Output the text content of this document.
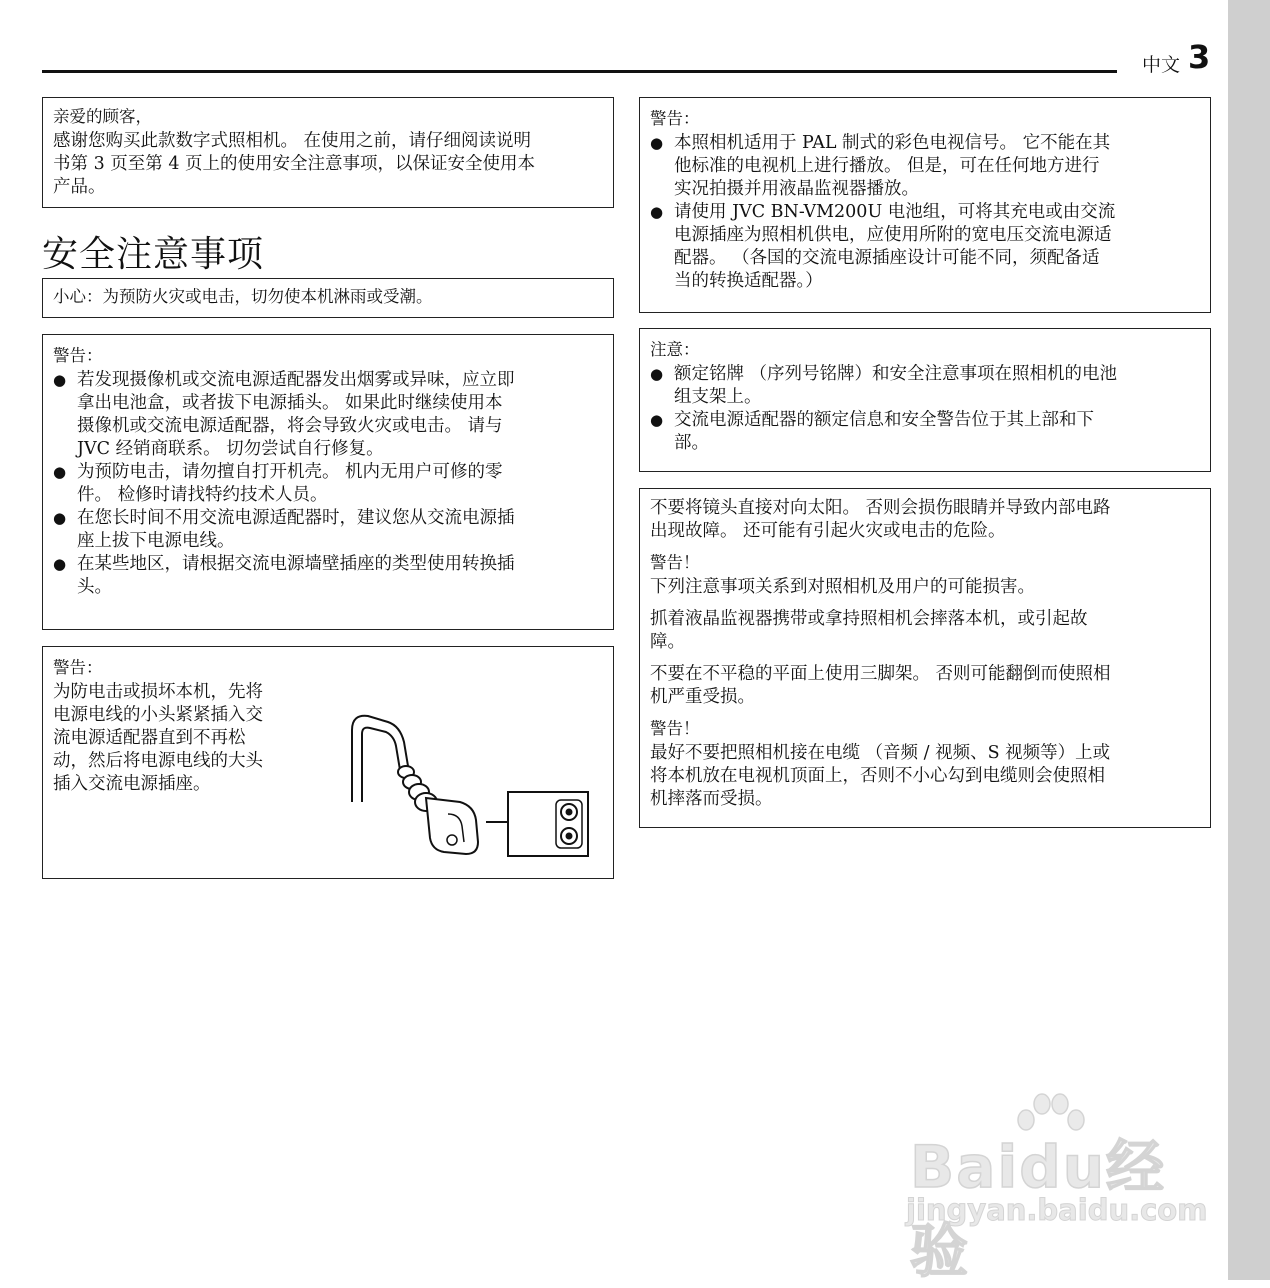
中文 3

亲爱的顾客，

感谢您购买此款数字式照相机。 在使用之前，请仔细阅读说明

书第 3 页至第 4 页上的使用安全注意事项，以保证安全使用本

产品。

安全注意事项

小心：为预防火灾或电击，切勿使本机淋雨或受潮。

警告：

● 若发现摄像机或交流电源适配器发出烟雾或异味，应立即
拿出电池盒，或者拔下电源插头。 如果此时继续使用本
摄像机或交流电源适配器，将会导致火灾或电击。 请与
JVC 经销商联系。 切勿尝试自行修复。
● 为预防电击，请勿擅自打开机壳。 机内无用户可修的零
件。 检修时请找特约技术人员。
● 在您长时间不用交流电源适配器时，建议您从交流电源插
座上拔下电源电线。
● 在某些地区，请根据交流电源墙壁插座的类型使用转换插
头。

警告：

为防电击或损坏本机，先将

电源电线的小头紧紧插入交

流电源适配器直到不再松

动，然后将电源电线的大头

插入交流电源插座。

警告：

● 本照相机适用于 PAL 制式的彩色电视信号。 它不能在其
他标准的电视机上进行播放。 但是，可在任何地方进行
实况拍摄并用液晶监视器播放。
● 请使用 JVC BN-VM200U 电池组，可将其充电或由交流
电源插座为照相机供电，应使用所附的宽电压交流电源适
配器。 （各国的交流电源插座设计可能不同，须配备适
当的转换适配器。）

注意：

● 额定铭牌 （序列号铭牌）和安全注意事项在照相机的电池
组支架上。
● 交流电源适配器的额定信息和安全警告位于其上部和下
部。

不要将镜头直接对向太阳。 否则会损伤眼睛并导致内部电路

出现故障。 还可能有引起火灾或电击的危险。

警告！

下列注意事项关系到对照相机及用户的可能损害。

抓着液晶监视器携带或拿持照相机会摔落本机，或引起故

障。

不要在不平稳的平面上使用三脚架。 否则可能翻倒而使照相

机严重受损。

警告！

最好不要把照相机接在电缆 （音频 / 视频、S 视频等）上或

将本机放在电视机顶面上，否则不小心勾到电缆则会使照相

机摔落而受损。

Baidu经验
jingyan.baidu.com
